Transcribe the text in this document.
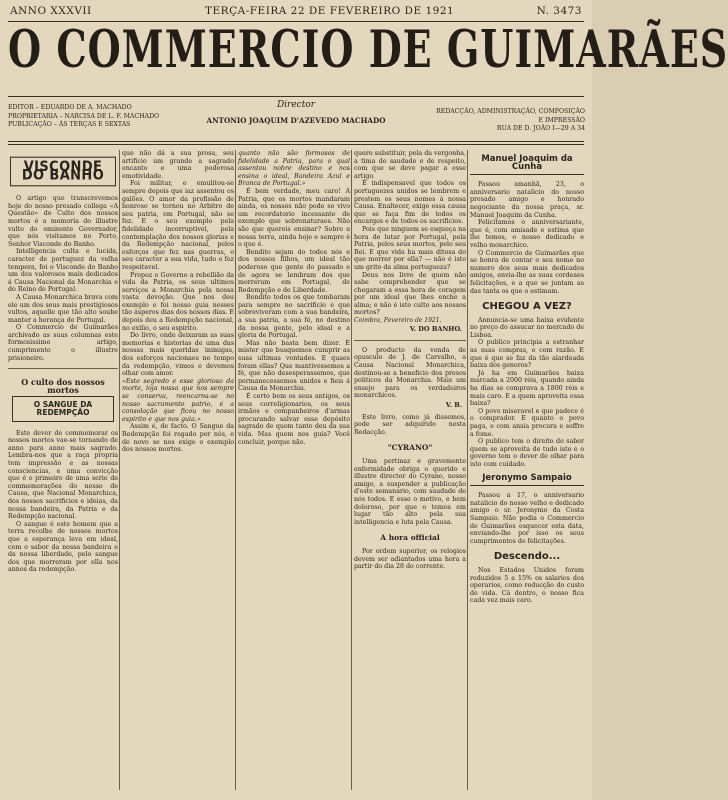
ANNO XXXVII	TERÇA-FEIRA 22 DE FEVEREIRO DE 1921	N. 3473
O COMMERCIO DE GUIMARÃES
EDITOR – EDUARDO DE A. MACHADO
PROPRIETARIA – NARCISA DE L. F. MACHADO
PUBLICAÇÃO – ÁS TERÇAS E SEXTAS
Director
ANTONIO JOAQUIM D'AZEVEDO MACHADO
REDACÇÃO, ADMINISTRAÇÃO, COMPOSIÇÃO
E IMPRESSÃO
RUA DE D. JOÃO I—29 A 34
VISCONDE DO BANHO

O artigo que transcrevemos hoje do nosso presado collega «A Questão» do Culto dos nossos mortos é a memoria do illustre vulto do eminente Governador, que nós visitamos no Porto, Senhor Visconde do Banho.

Intelligencia culta e lucida, caracter de portuguez da velha tempera, foi o Visconde do Banho um dos valorosos mais dedicados á Causa Nacional da Monarchia e do Reino de Portugal.

A Causa Monarchica brava com ele um dos seus mais prestigiosos vultos, aquelle que tão alto soube manter a herança de Portugal.

O Commercio de Guimarães archivado as suas columnas este formosissimo artigo, cumprimento o illustre prisioneiro.

O culto dos nossos mortos
O SANGUE DA REDEMPÇÃO

Este dever de commemorar os nossos mortos vae-se tornando de anno para anno mais sagrado. Lembra-nos que a raça propria tem impressão e as nossas consciencias, e uma convicção que é o primeiro de uma serie de commemorações do nosso de Causa, que Nacional Monarchica, dos nossos sacrificios e ideias, da nossa bandeira, da Patria e da Redempção nacional.

O sangue é este homem que a terra recolhe de nossos mortos que a esperança leva em ideal, com o sabor da nossa bandeira e da nossa liberdade, pelo sangue dos que morreram por ella nos annos da redempção.

que não dá a sua prosa, seu artificio um grande a sagrado encanto e uma poderosa emotividade.

Foi militar, e emulitou-se sempre depois que iaz assentou os galões. O amor da profissão de honroso se tornou no Arbitro de seu patria, em Portugal, não se fez. E o seu exemplo pela fidelidade incorruptivel, pela contemplação dos nossos glorias e da Redempção nacional, pelos esforços que fez nas guerras, o seu caracter a sua vida, tudo o fez respeitavel.

Propoz o Governo a rebellião da vida da Patria, os seus ultimos serviços a Monarchia pela nossa vasta devoção. Que nos deu exemplo e foi nosso guia nesses tão ásperos dias dos nossos dias. E depois deu a Redempção nacional, no exilio, o seu espirito.

Do livro, onde deixaram as suas memorias e historias de uma das nossas mais queridas inimigas, dos esforços nacionaes no tempo da redempção, vimos e devemos olhar com amor.

«Este segredo e esse glorioso da morte, loja nossa que nos sempre se conserva, reencarna-se no nosso sacramento patrio, é a consolação que ficou no nosso espirito e que nos guia.»

Assim é, de facto. O Sangue da Redempção foi regado por nós, e de novo se nos exige o exemplo dos nossos mortos.

quanto não são formosos de fidelidade a Patria, para o qual assentou nobre destino e nos ensina o ideal, Bandeira Azul e Branca de Portugal.»

É bem verdade, meu caro! A Patria, que os mortos mandaram ainda, os nossos não pode se vivo um recordatorio incessante de exemplo que sobrenaturaes. Não são que quereis ensinar? Sobre a nossa terra, ainda hoje e sempre é o que é.

Bendito sejam do todos nós e dos nossos filhos, um ideal tão poderoso que gente do passado e de agora se lembram dos que morreram em Portugal, de Redempção e de Liberdade.

Bendito todos os que tombaram para sempre no sacrificio e que sobreviveram com a sua bandeira, a sua patria, a sua fé, no destino da nossa gente, pelo ideal e a gloria de Portugal.

Mas não basta bem dizer. É mister que busquemos cumprir as suas ultimas vontades. E quaes foram ellas? Que mantivessemos a fé, que não desesperassemos, que permanecessemos unidos e fieis á Causa da Monarchia.

É certo bem os seus antigos, os seus correligionarios, os seus irmãos e companheiros d'armas procurando salvar esse depósito sagrado de quem tanto deu da sua vida. Mas quem nos guia? Você concluir, porque não.

quero substituir, pela da vergonha, a tima de saudade e de respeito, com que se deve pagar a esse artigo.

É indispensavel que todos os portuguezes unidos se lembrem e prestem os seus nomes á nossa Causa. Enaltecer, exige essa causa que se faça fim de todos os encargos e de todos os sacrificios.

Pois que ninguem se esqueça na hora de lutar por Portugal, pela Patria, pelos seus mortos, pelo seu Rei. E que vida ha mais ditosa do que morrer por ella? — não é isto um grito da alma portugueza?

Deus nos livre de quem não sabe comprehender que se chegaram a essa hora de coragem por um ideal que lhes enche a alma; e não é isto culto aos nossos mortos?

Coimbra, Fevereiro de 1921.

V. DO BANHO.

O producto da venda de opusculo de J. de Carvalho, a Causa Nacional Monarchica, destinou-se a beneficio dos presos politicos da Monarchia. Mais um ensejo para os verdadeiros monarchicos.

V. B.

Este livro, como já dissemos, pode ser adquirido nesta Redacção.

"CYRANO"

Uma pertinaz e gravemente enfermidade obriga o querido e illustre director do Cyrano, nosso amigo, a suspender a publicação d'este semanario, com saudade de nós todos. E esse o motivo, e bem doloroso, por que o temos em lugar tão alto pela sua intelligencia e luta pela Causa.

A hora official

Por ordem superior, os relogios devem ser adiantados uma hora a partir do dia 28 do corrente.

Manuel Joaquim da Cunha

Passou amanhã, 23, o anniversario natalicio do nosso presado amigo e honrado negociante da nossa praça, sr. Manuel Joaquim da Cunha.

Felicitamos o anniversariante, que é, com amisade e estima que lhe temos, o nosso dedicado e velho monarchico.

O Commercio de Guimarães que se honra de contar o seu nome no numero dos seus mais dedicados amigos, envia-lhe as suas cordeaes felicitações, e a que se juntam as das tanta os que o estimam.

CHEGOU A VEZ?

Annuncia-se uma baixa evidente no preço do assucar no mercado de Lisboa.

O publico principia a estranhar as suas compras, e com razão. E que é que se faz da tão alardeada baixa dos generos?

Já ha em Guimarães baixa marcada a 2000 réis, quando ainda ha dias se comprava a 1800 réis e mais caro. E a quem aproveita essa baixa?

O povo miseravel e que padece é o comprador. E quanto o povo paga, e com ansia procura e soffre a fome.

O publico tem o direito de saber quem se aproveita de tudo isto e o governo tem o dever de olhar para isto com cuidado.

Jeronymo Sampaio

Passou a 17, o anniversario natalicio do nosso velho e dedicado amigo o sr. Jeronymo da Costa Sampaio. Não podia o Commercio de Guimarães esquecer esta data, enviando-lhe por isso os seus cumprimentos de felicitações.

Descendo...

Nos Estados Unidos foram reduzidos 5 a 15% os salarios dos operarios, como reducção do custo de vida. Cá dentro, o nosso fica cada vez mais caro.
